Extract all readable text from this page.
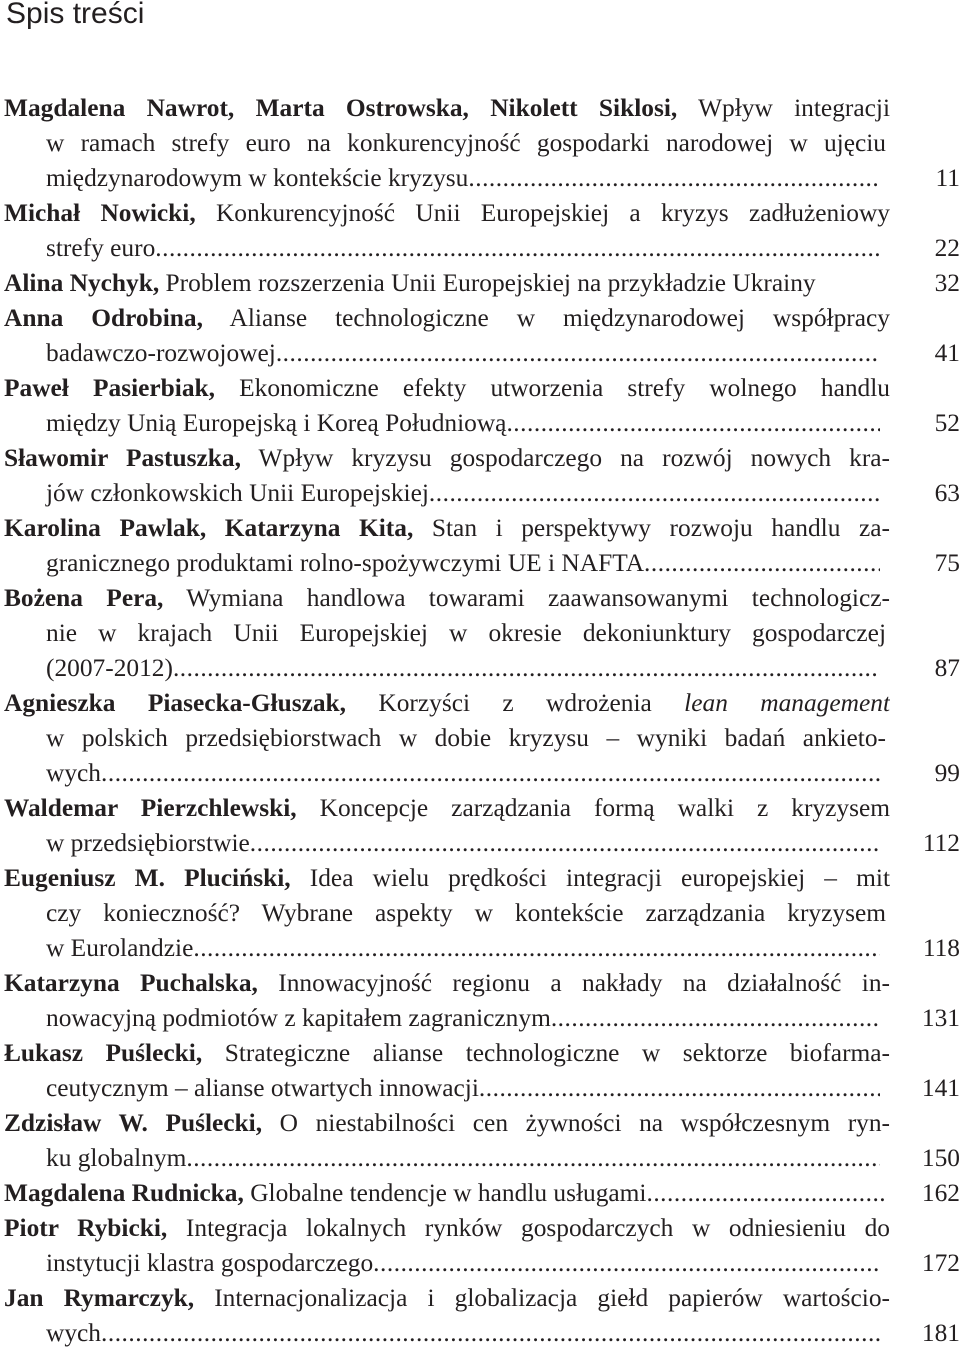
Spis treści
Magdalena Nawrot, Marta Ostrowska, Nikolett Siklosi, Wpływ integracji
w ramach strefy euro na konkurencyjność gospodarki narodowej w ujęciu
międzynarodowym w kontekście kryzysu .....	11
Michał Nowicki, Konkurencyjność Unii Europejskiej a kryzys zadłużeniowy
strefy euro .....	22
Alina Nychyk, Problem rozszerzenia Unii Europejskiej na przykładzie Ukrainy	32
Anna Odrobina, Alianse technologiczne w międzynarodowej współpracy
badawczo-rozwojowej .....	41
Paweł Pasierbiak, Ekonomiczne efekty utworzenia strefy wolnego handlu
między Unią Europejską i Koreą Południową .....	52
Sławomir Pastuszka, Wpływ kryzysu gospodarczego na rozwój nowych kra-
jów członkowskich Unii Europejskiej .....	63
Karolina Pawlak, Katarzyna Kita, Stan i perspektywy rozwoju handlu za-
granicznego produktami rolno-spożywczymi UE i NAFTA .....	75
Bożena Pera, Wymiana handlowa towarami zaawansowanymi technologicz-
nie w krajach Unii Europejskiej w okresie dekoniunktury gospodarczej
(2007-2012) .....	87
Agnieszka Piasecka-Głuszak, Korzyści z wdrożenia lean management
w polskich przedsiębiorstwach w dobie kryzysu – wyniki badań ankieto-
wych .....	99
Waldemar Pierzchlewski, Koncepcje zarządzania formą walki z kryzysem
w przedsiębiorstwie .....	112
Eugeniusz M. Pluciński, Idea wielu prędkości integracji europejskiej – mit
czy konieczność? Wybrane aspekty w kontekście zarządzania kryzysem
w Eurolandzie .....	118
Katarzyna Puchalska, Innowacyjność regionu a nakłady na działalność in-
nowacyjną podmiotów z kapitałem zagranicznym .....	131
Łukasz Puślecki, Strategiczne alianse technologiczne w sektorze biofarma-
ceutycznym – alianse otwartych innowacji .....	141
Zdzisław W. Puślecki, O niestabilności cen żywności na współczesnym ryn-
ku globalnym .....	150
Magdalena Rudnicka, Globalne tendencje w handlu usługami .....	162
Piotr Rybicki, Integracja lokalnych rynków gospodarczych w odniesieniu do
instytucji klastra gospodarczego .....	172
Jan Rymarczyk, Internacjonalizacja i globalizacja giełd papierów wartościo-
wych .....	181
